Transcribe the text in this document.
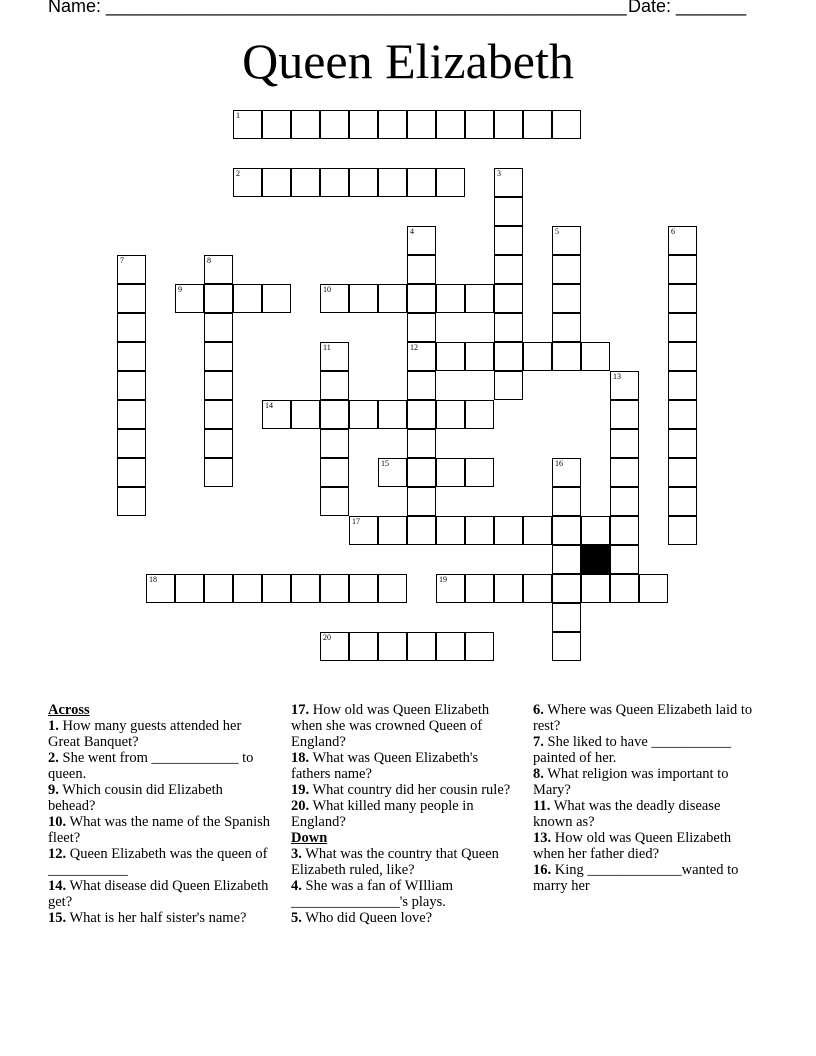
Name: ____________________________________________________ Date: _______
Queen Elizabeth
1
2	3
4	5	6
7	8
9	10
11	12
13
14
15	16
17
18	19
20
Across

1. How many guests attended her Great Banquet?

2. She went from ____________ to queen.

9. Which cousin did Elizabeth behead?

10. What was the name of the Spanish fleet?

12. Queen Elizabeth was the queen of ___________

14. What disease did Queen Elizabeth get?

15. What is her half sister's name?

17. How old was Queen Elizabeth when she was crowned Queen of England?

18. What was Queen Elizabeth's fathers name?

19. What country did her cousin rule?

20. What killed many people in England?

Down

3. What was the country that Queen Elizabeth ruled, like?

4. She was a fan of WIlliam _______________'s plays.

5. Who did Queen love?

6. Where was Queen Elizabeth laid to rest?

7. She liked to have ___________ painted of her.

8. What religion was important to Mary?

11. What was the deadly disease known as?

13. How old was Queen Elizabeth when her father died?

16. King _____________wanted to marry her
